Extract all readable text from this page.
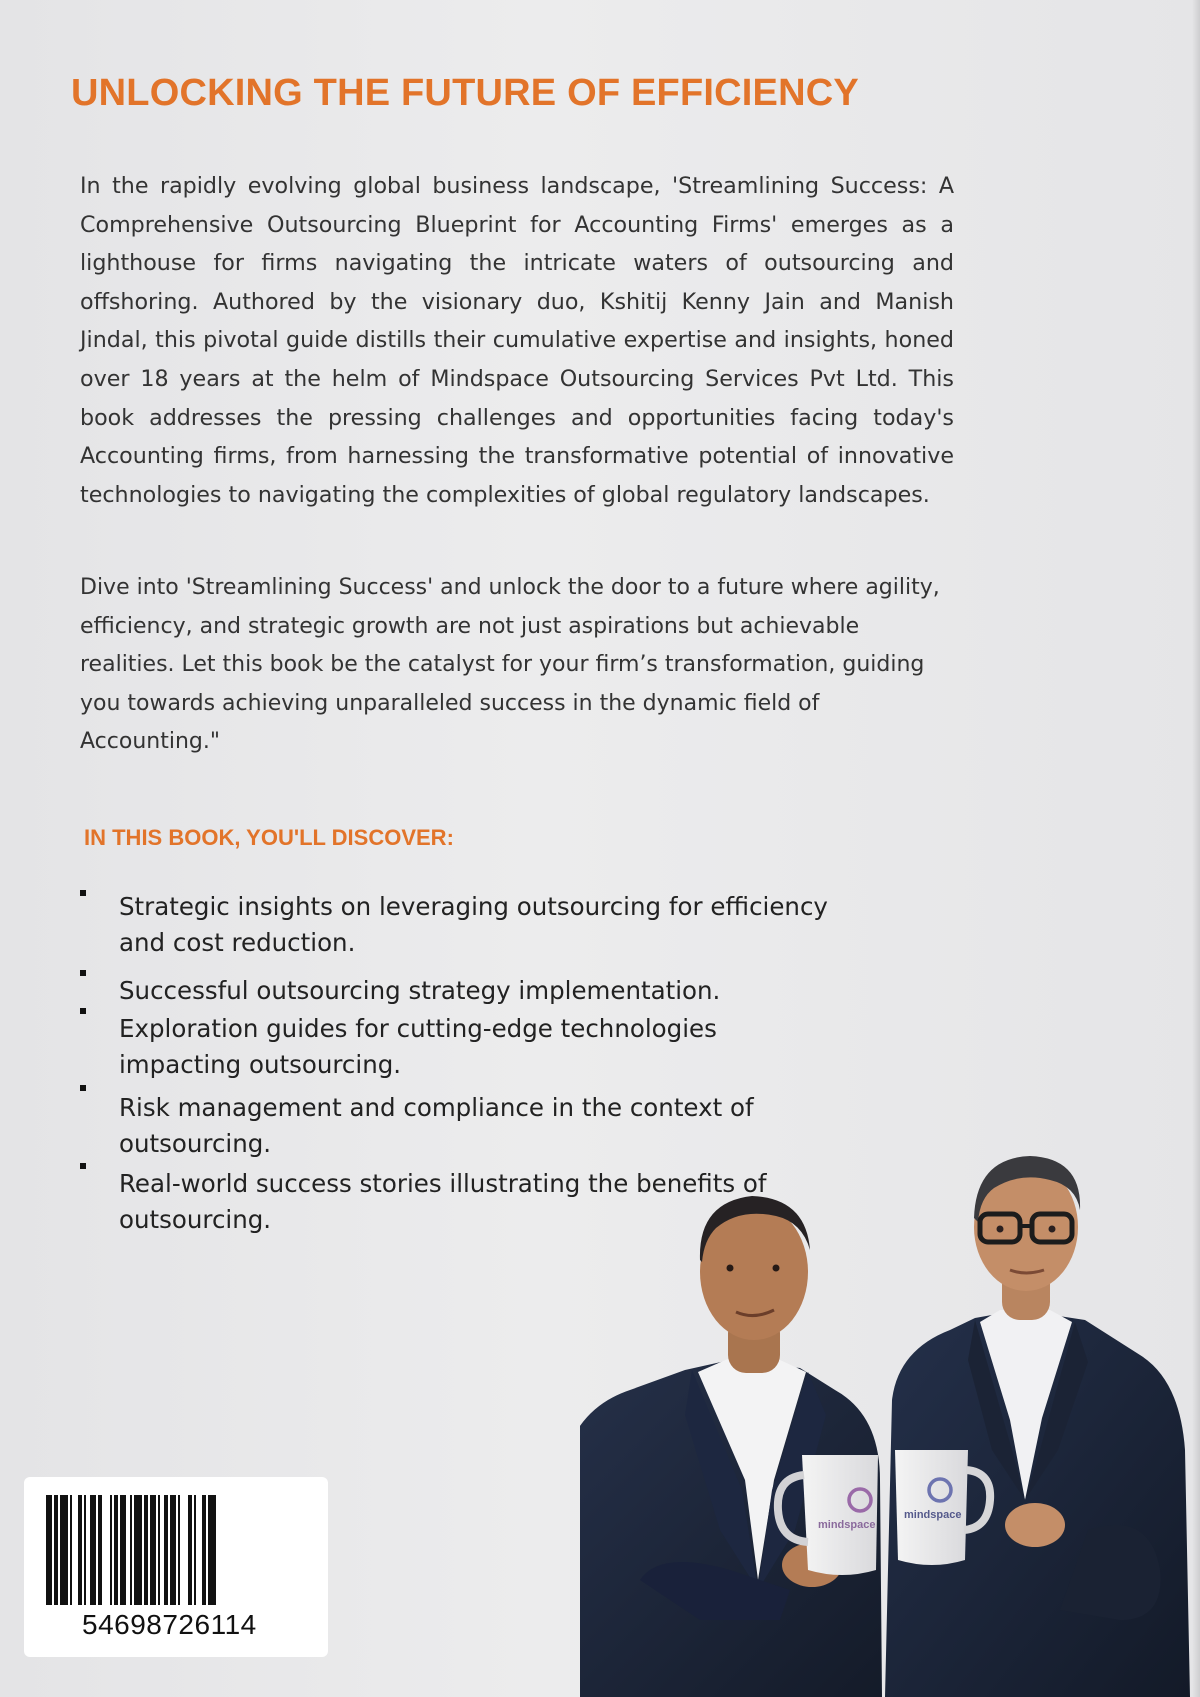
UNLOCKING THE FUTURE OF EFFICIENCY

In the rapidly evolving global business landscape, 'Streamlining Success: A Comprehensive Outsourcing Blueprint for Accounting Firms' emerges as a lighthouse for firms navigating the intricate waters of outsourcing and offshoring. Authored by the visionary duo, Kshitij Kenny Jain and Manish Jindal, this pivotal guide distills their cumulative expertise and insights, honed over 18 years at the helm of Mindspace Outsourcing Services Pvt Ltd. This book addresses the pressing challenges and opportunities facing today's Accounting firms, from harnessing the transformative potential of innovative technologies to navigating the complexities of global regulatory landscapes.

Dive into 'Streamlining Success' and unlock the door to a future where agility, efficiency, and strategic growth are not just aspirations but achievable realities. Let this book be the catalyst for your firm’s transformation, guiding you towards achieving unparalleled success in the dynamic field of Accounting."

IN THIS BOOK, YOU'LL DISCOVER:

Strategic insights on leveraging outsourcing for efficiency and cost reduction.

Successful outsourcing strategy implementation.

Exploration guides for cutting-edge technologies impacting outsourcing.

Risk management and compliance in the context of outsourcing.

Real-world success stories illustrating the benefits of outsourcing.

54698726114
mindspace
mindspace
